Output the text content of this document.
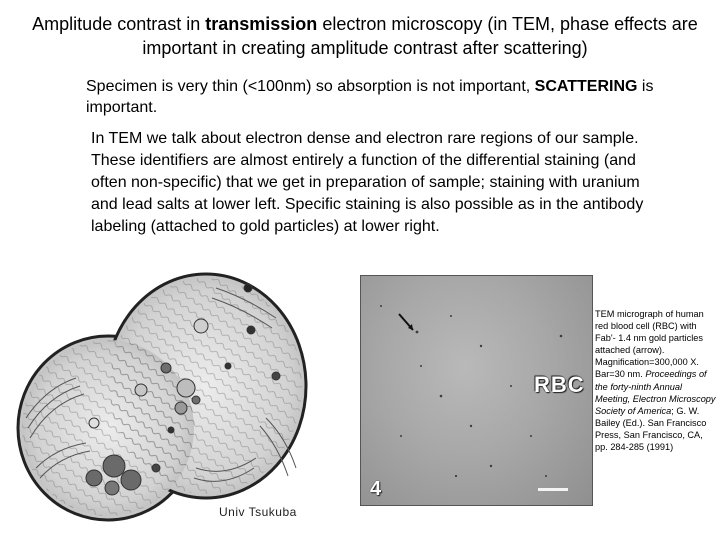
Amplitude contrast in transmission electron microscopy (in TEM, phase effects are important in creating amplitude contrast after scattering)
Specimen is very thin (<100nm) so absorption is not important, SCATTERING is important.
In TEM we talk about electron dense and electron rare regions of our sample. These identifiers are almost entirely a function of the differential staining (and often non-specific) that we get in preparation of sample; staining with uranium and lead salts at lower left. Specific staining is also possible as in the antibody labeling (attached to gold particles) at lower right.
Univ Tsukuba
RBC
4
TEM micrograph of human red blood cell (RBC) with Fab'- 1.4 nm gold particles attached (arrow). Magnification=300,000 X. Bar=30 nm. Proceedings of the forty-ninth Annual Meeting, Electron Microscopy Society of America; G. W. Bailey (Ed.). San Francisco Press, San Francisco, CA, pp. 284-285 (1991)
